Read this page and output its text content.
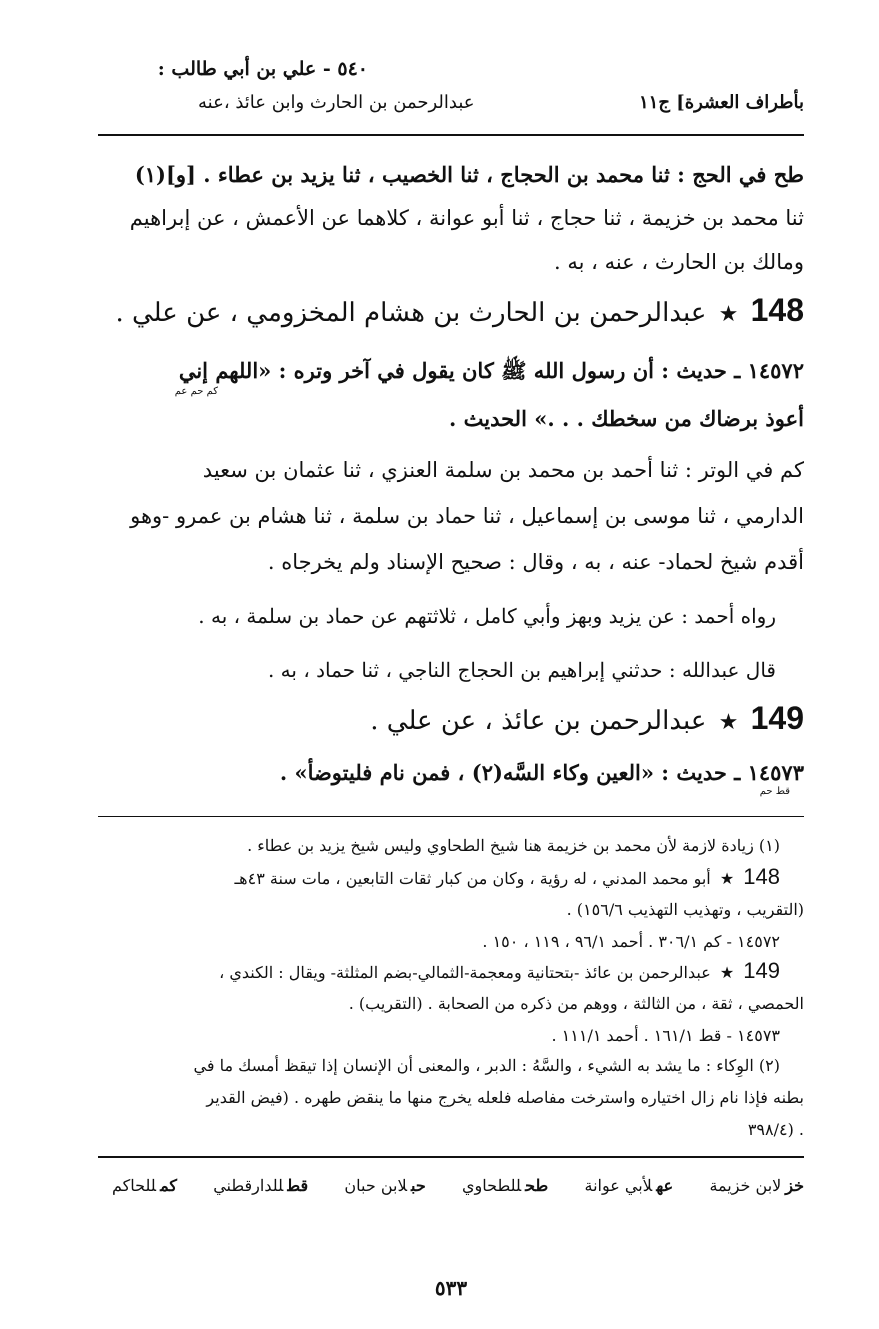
٥٤٠ - علي بن أبي طالب :
بأطراف العشرة] ج١١
عبدالرحمن بن الحارث وابن عائذ ،عنه
طح في الحج : ثنا محمد بن الحجاج ، ثنا الخصيب ، ثنا يزيد بن عطاء . [و](١)
ثنا محمد بن خزيمة ، ثنا حجاج ، ثنا أبو عوانة ، كلاهما عن الأعمش ، عن إبراهيم
ومالك بن الحارث ، عنه ، به .
148 ★ عبدالرحمن بن الحارث بن هشام المخزومي ، عن علي .
١٤٥٧٢ ـ حديث : أن رسول الله ﷺ كان يقول في آخر وتره : «اللهم إني
كم حم عم
أعوذ برضاك من سخطك . . .» الحديث .
كم في الوتر : ثنا أحمد بن محمد بن سلمة العنزي ، ثنا عثمان بن سعيد
الدارمي ، ثنا موسى بن إسماعيل ، ثنا حماد بن سلمة ، ثنا هشام بن عمرو -وهو
أقدم شيخ لحماد- عنه ، به ، وقال : صحيح الإسناد ولم يخرجاه .
رواه أحمد : عن يزيد وبهز وأبي كامل ، ثلاثتهم عن حماد بن سلمة ، به .
قال عبدالله : حدثني إبراهيم بن الحجاج الناجي ، ثنا حماد ، به .
149 ★ عبدالرحمن بن عائذ ، عن علي .
١٤٥٧٣ ـ حديث : «العين وكاء السَّه(٢) ، فمن نام فليتوضأ» .
قط حم
(١) زيادة لازمة لأن محمد بن خزيمة هنا شيخ الطحاوي وليس شيخ يزيد بن عطاء .
148 ★ أبو محمد المدني ، له رؤية ، وكان من كبار ثقات التابعين ، مات سنة ٤٣هـ
(التقريب ، وتهذيب التهذيب ١٥٦/٦) .
١٤٥٧٢ - كم ٣٠٦/١ . أحمد ٩٦/١ ، ١١٩ ، ١٥٠ .
149 ★ عبدالرحمن بن عائذ -بتحتانية ومعجمة-الثمالي-بضم المثلثة- ويقال : الكندي ،
الحمصي ، ثقة ، من الثالثة ، ووهم من ذكره من الصحابة . (التقريب) .
١٤٥٧٣ - قط ١٦١/١ . أحمد ١١١/١ .
(٢) الوِكاء : ما يشد به الشيء ، والسَّهُ : الدبر ، والمعنى أن الإنسان إذا تيقظ أمسك ما في
بطنه فإذا نام زال اختياره واسترخت مفاصله فلعله يخرج منها ما ينقض طهره . (فيض القدير
. (٣٩٨/٤
خزلابن خزيمة
عهلأبي عوانة
طحللطحاوي
حبلابن حبان
قطللدارقطني
كمللحاكم
٥٣٣
